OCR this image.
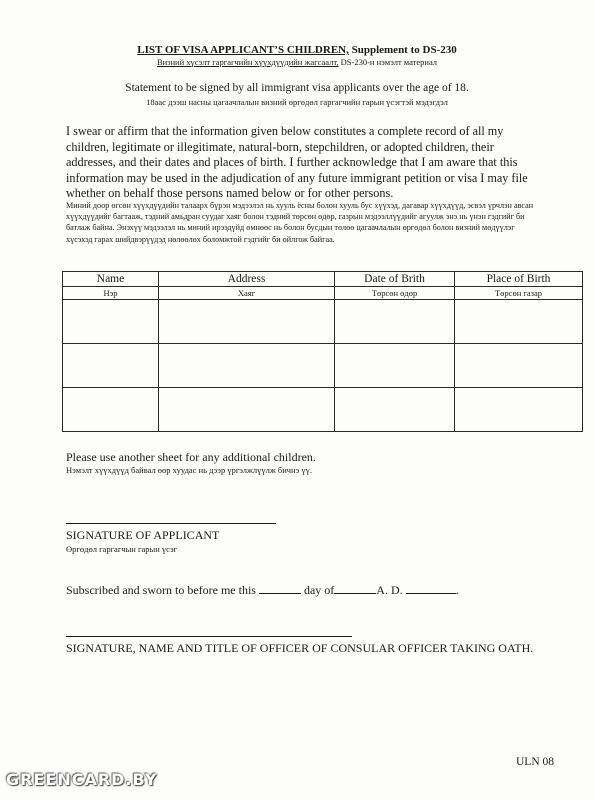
LIST OF VISA APPLICANT’S CHILDREN, Supplement to DS-230
Визний хүсэлт гаргагчийн хүүхдүүдийн жагсаалт, DS-230-н нэмэлт материал
Statement to be signed by all immigrant visa applicants over the age of 18.
18аас дээш насны цагаачлалын визний өргөдөл гаргагчийн гарын үсэгтэй мэдэгдэл
I swear or affirm that the information given below constitutes a complete record of all my children, legitimate or illegitimate, natural-born, stepchildren, or adopted children, their addresses, and their dates and places of birth. I further acknowledge that I am aware that this information may be used in the adjudication of any future immigrant petition or visa I may file whether on behalf those persons named below or for other persons.
Миний доор өгсөн хүүхдүүдийн талаарх бүрэн мэдээлэл нь хууль ёсны болон хууль бус хүүхэд, дагавар хүүхдүүд, эсвэл үрчлэн авсан хүүхдүүдийг багтааж, тэдний амьдран суудаг хаяг болон тэдний төрсөн өдөр, газрын мэдээллүүдийг агуулж энэ нь үнэн гэдгийг би батлаж байна. Энэхүү мэдээлэл нь миний ирээдүйд өмнөөс нь болон бусдын төлөө цагаачлалын өргөдөл болон визний мөдүүлэг хүсэхэд гарах шийдвэрүүдэд нөлөөлөх боломжтой гэдгийг би ойлгож байгаа.
Name	Address	Date of Brith	Place of Birth
Нэр	Хаяг	Төрсөн өдөр	Төрсөн газар

Please use another sheet for any additional children.
Нэмэлт хүүхдүүд байвал өөр хуудас нь дээр үргэлжлүүлж бичнэ үү.
SIGNATURE OF APPLICANT
Өргөдөл гаргагчын гарын үсэг
Subscribed and sworn to before me this	day of	A. D.	.
SIGNATURE, NAME AND TITLE OF OFFICER OF CONSULAR OFFICER TAKING OATH.
ULN 08
GREENCARD.BY
